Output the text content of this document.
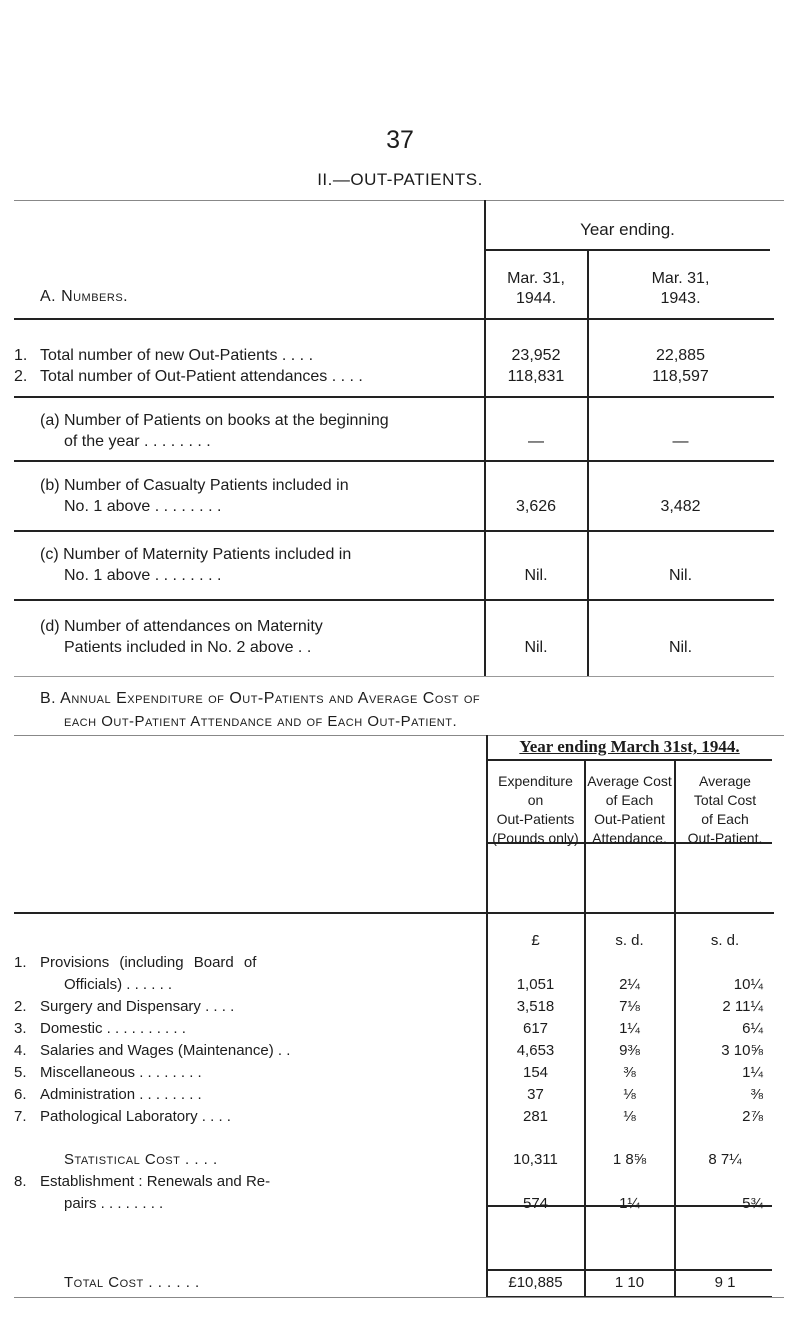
37
II.—OUT-PATIENTS.
Year ending.
A. Numbers.
Mar. 31,
1944.
Mar. 31,
1943.
1. Total number of new Out-Patients . . . .	23,952	22,885
2. Total number of Out-Patient attendances . . . .	118,831	118,597
(a) Number of Patients on books at the beginning
of the year . . . . . . . .	—	—
(b) Number of Casualty Patients included in
No. 1 above . . . . . . . .	3,626	3,482
(c) Number of Maternity Patients included in
No. 1 above . . . . . . . .	Nil.	Nil.
(d) Number of attendances on Maternity
Patients included in No. 2 above . .	Nil.	Nil.
B. Annual Expenditure of Out-Patients and Average Cost of
each Out-Patient Attendance and of Each Out-Patient.
Year ending March 31st, 1944.
Expenditure
on
Out-Patients
(Pounds only)
Average Cost
of Each
Out-Patient
Attendance.
Average
Total Cost
of Each
Out-Patient.
£	s. d.	s. d.
1. Provisions (including Board of
Officials) . . . . . .	1,051	2¼	10¼
2. Surgery and Dispensary . . . .	3,518	7⅛	2 11¼
3. Domestic . . . . . . . . . .	617	1¼	6¼
4. Salaries and Wages (Maintenance) . .	4,653	9⅜	3 10⅝
5. Miscellaneous . . . . . . . .	154	⅜	1¼
6. Administration . . . . . . . .	37	⅛	⅜
7. Pathological Laboratory . . . .	281	⅛	2⅞
Statistical Cost . . . .	10,311	1 8⅝	8 7¼
8. Establishment : Renewals and Re-
pairs . . . . . . . .	574	1¼	5¾
Total Cost . . . . . .	£10,885	1 10	9 1
